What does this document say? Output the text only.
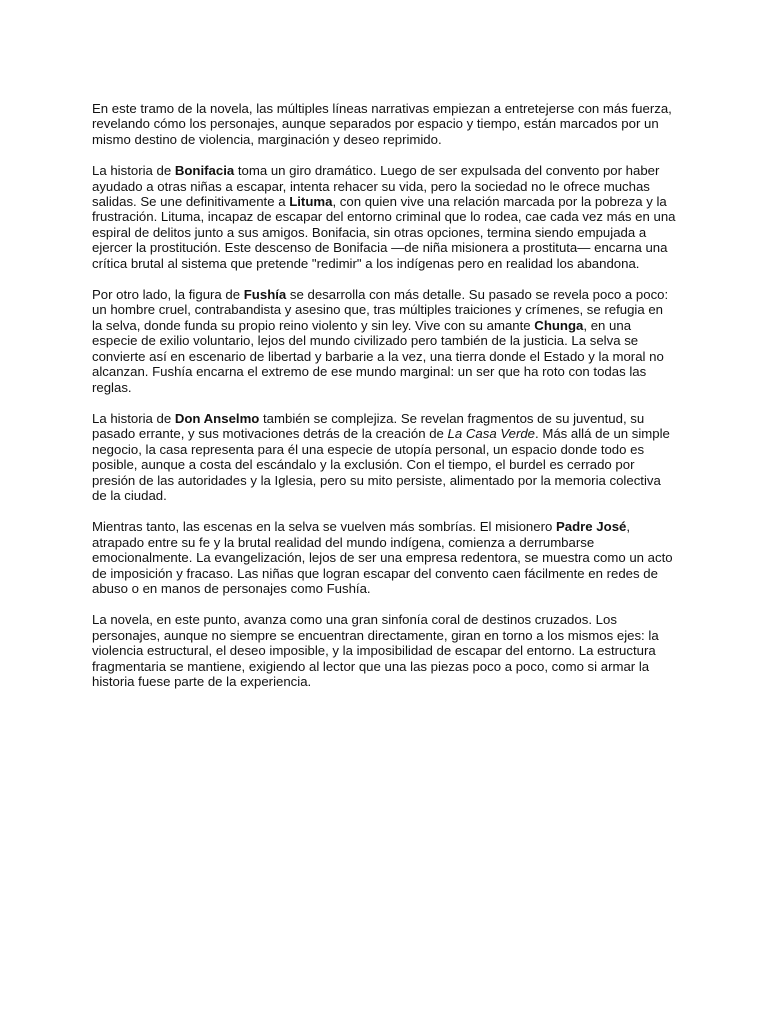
En este tramo de la novela, las múltiples líneas narrativas empiezan a entretejerse con más fuerza, revelando cómo los personajes, aunque separados por espacio y tiempo, están marcados por un mismo destino de violencia, marginación y deseo reprimido.

La historia de Bonifacia toma un giro dramático. Luego de ser expulsada del convento por haber ayudado a otras niñas a escapar, intenta rehacer su vida, pero la sociedad no le ofrece muchas salidas. Se une definitivamente a Lituma, con quien vive una relación marcada por la pobreza y la frustración. Lituma, incapaz de escapar del entorno criminal que lo rodea, cae cada vez más en una espiral de delitos junto a sus amigos. Bonifacia, sin otras opciones, termina siendo empujada a ejercer la prostitución. Este descenso de Bonifacia —de niña misionera a prostituta— encarna una crítica brutal al sistema que pretende "redimir" a los indígenas pero en realidad los abandona.

Por otro lado, la figura de Fushía se desarrolla con más detalle. Su pasado se revela poco a poco: un hombre cruel, contrabandista y asesino que, tras múltiples traiciones y crímenes, se refugia en la selva, donde funda su propio reino violento y sin ley. Vive con su amante Chunga, en una especie de exilio voluntario, lejos del mundo civilizado pero también de la justicia. La selva se convierte así en escenario de libertad y barbarie a la vez, una tierra donde el Estado y la moral no alcanzan. Fushía encarna el extremo de ese mundo marginal: un ser que ha roto con todas las reglas.

La historia de Don Anselmo también se complejiza. Se revelan fragmentos de su juventud, su pasado errante, y sus motivaciones detrás de la creación de La Casa Verde. Más allá de un simple negocio, la casa representa para él una especie de utopía personal, un espacio donde todo es posible, aunque a costa del escándalo y la exclusión. Con el tiempo, el burdel es cerrado por presión de las autoridades y la Iglesia, pero su mito persiste, alimentado por la memoria colectiva de la ciudad.

Mientras tanto, las escenas en la selva se vuelven más sombrías. El misionero Padre José, atrapado entre su fe y la brutal realidad del mundo indígena, comienza a derrumbarse emocionalmente. La evangelización, lejos de ser una empresa redentora, se muestra como un acto de imposición y fracaso. Las niñas que logran escapar del convento caen fácilmente en redes de abuso o en manos de personajes como Fushía.

La novela, en este punto, avanza como una gran sinfonía coral de destinos cruzados. Los personajes, aunque no siempre se encuentran directamente, giran en torno a los mismos ejes: la violencia estructural, el deseo imposible, y la imposibilidad de escapar del entorno. La estructura fragmentaria se mantiene, exigiendo al lector que una las piezas poco a poco, como si armar la historia fuese parte de la experiencia.
